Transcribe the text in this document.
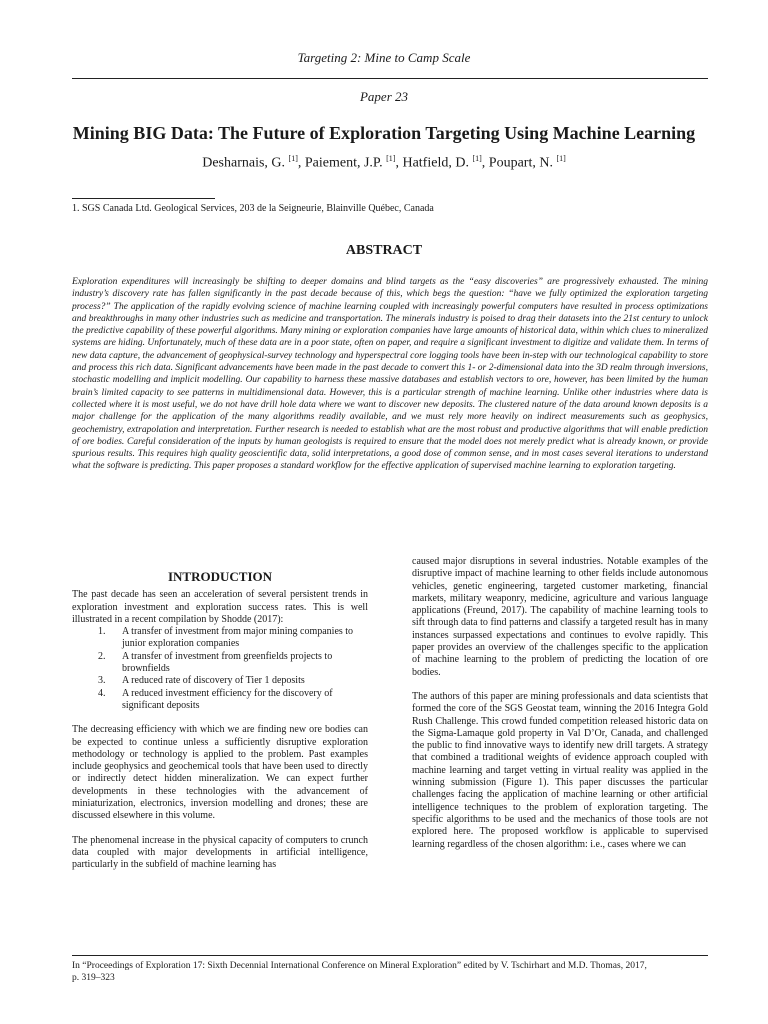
Targeting 2: Mine to Camp Scale
Paper 23
Mining BIG Data: The Future of Exploration Targeting Using Machine Learning
Desharnais, G. [1], Paiement, J.P. [1], Hatfield, D. [1], Poupart, N. [1]
1. SGS Canada Ltd. Geological Services, 203 de la Seigneurie, Blainville Québec, Canada
ABSTRACT

Exploration expenditures will increasingly be shifting to deeper domains and blind targets as the “easy discoveries” are progressively exhausted. The mining industry’s discovery rate has fallen significantly in the past decade because of this, which begs the question: “have we fully optimized the exploration targeting process?” The application of the rapidly evolving science of machine learning coupled with increasingly powerful computers have resulted in process optimizations and breakthroughs in many other industries such as medicine and transportation. The minerals industry is poised to drag their datasets into the 21st century to unlock the predictive capability of these powerful algorithms. Many mining or exploration companies have large amounts of historical data, within which clues to mineralized systems are hiding. Unfortunately, much of these data are in a poor state, often on paper, and require a significant investment to digitize and validate them. In terms of new data capture, the advancement of geophysical-survey technology and hyperspectral core logging tools have been in-step with our technological capability to store and process this rich data. Significant advancements have been made in the past decade to convert this 1- or 2-dimensional data into the 3D realm through inversions, stochastic modelling and implicit modelling. Our capability to harness these massive databases and establish vectors to ore, however, has been limited by the human brain’s limited capacity to see patterns in multidimensional data. However, this is a particular strength of machine learning. Unlike other industries where data is collected where it is most useful, we do not have drill hole data where we want to discover new deposits. The clustered nature of the data around known deposits is a major challenge for the application of the many algorithms readily available, and we must rely more heavily on indirect measurements such as geophysics, geochemistry, extrapolation and interpretation. Further research is needed to establish what are the most robust and productive algorithms that will enable prediction of ore bodies. Careful consideration of the inputs by human geologists is required to ensure that the model does not merely predict what is already known, or provide spurious results. This requires high quality geoscientific data, solid interpretations, a good dose of common sense, and in most cases several iterations to understand what the software is predicting. This paper proposes a standard workflow for the effective application of supervised machine learning to exploration targeting.

INTRODUCTION

The past decade has seen an acceleration of several persistent trends in exploration investment and exploration success rates. This is well illustrated in a recent compilation by Shodde (2017):

1. A transfer of investment from major mining companies to junior exploration companies
2. A transfer of investment from greenfields projects to brownfields
3. A reduced rate of discovery of Tier 1 deposits
4. A reduced investment efficiency for the discovery of significant deposits

The decreasing efficiency with which we are finding new ore bodies can be expected to continue unless a sufficiently disruptive exploration methodology or technology is applied to the problem. Past examples include geophysics and geochemical tools that have been used to directly or indirectly detect hidden mineralization. We can expect further developments in these technologies with the advancement of miniaturization, electronics, inversion modelling and drones; these are discussed elsewhere in this volume.

The phenomenal increase in the physical capacity of computers to crunch data coupled with major developments in artificial intelligence, particularly in the subfield of machine learning has

caused major disruptions in several industries. Notable examples of the disruptive impact of machine learning to other fields include autonomous vehicles, genetic engineering, targeted customer marketing, financial markets, military weaponry, medicine, agriculture and various language applications (Freund, 2017). The capability of machine learning tools to sift through data to find patterns and classify a targeted result has in many instances surpassed expectations and continues to evolve rapidly. This paper provides an overview of the challenges specific to the application of machine learning to the problem of predicting the location of ore bodies.

The authors of this paper are mining professionals and data scientists that formed the core of the SGS Geostat team, winning the 2016 Integra Gold Rush Challenge. This crowd funded competition released historic data on the Sigma-Lamaque gold property in Val D’Or, Canada, and challenged the public to find innovative ways to identify new drill targets. A strategy that combined a traditional weights of evidence approach coupled with machine learning and target vetting in virtual reality was applied in the winning submission (Figure 1). This paper discusses the particular challenges facing the application of machine learning or other artificial intelligence techniques to the problem of exploration targeting. The specific algorithms to be used and the mechanics of those tools are not explored here. The proposed workflow is applicable to supervised learning regardless of the chosen algorithm: i.e., cases where we can

In “Proceedings of Exploration 17: Sixth Decennial International Conference on Mineral Exploration” edited by V. Tschirhart and M.D. Thomas, 2017,
p. 319–323
